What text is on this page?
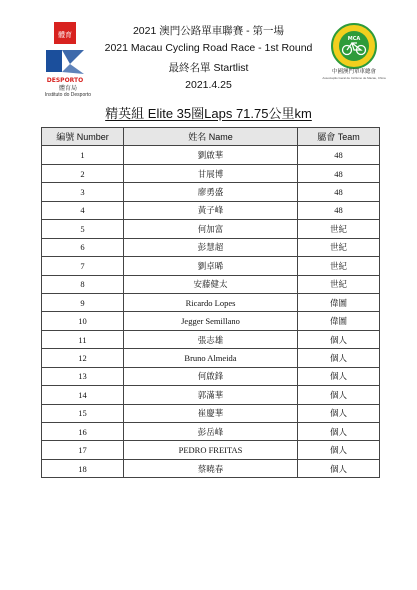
體育
DESPORTO
體育局
Instituto do Desporto
2021 澳門公路單車聯賽 - 第一場
2021 Macau Cycling Road Race - 1st Round
最終名單 Startlist
2021.4.25
MCA
中國澳門單車總會
Associação Geral de Ciclismo de Macau, China
精英組 Elite 35圈Laps 71.75公里km
編號 Number	姓名 Name	屬會 Team
1	劉啟華	48
2	甘展博	48
3	廖勇盛	48
4	黃子峰	48
5	何加富	世紀
6	彭慧超	世紀
7	劉卓晞	世紀
8	安藤健太	世紀
9	Ricardo Lopes	偉圖
10	Jegger Semillano	偉圖
11	張志雄	個人
12	Bruno Almeida	個人
13	何啟鋒	個人
14	郭滿華	個人
15	崔慶華	個人
16	彭岳峰	個人
17	PEDRO FREITAS	個人
18	蔡曉春	個人
